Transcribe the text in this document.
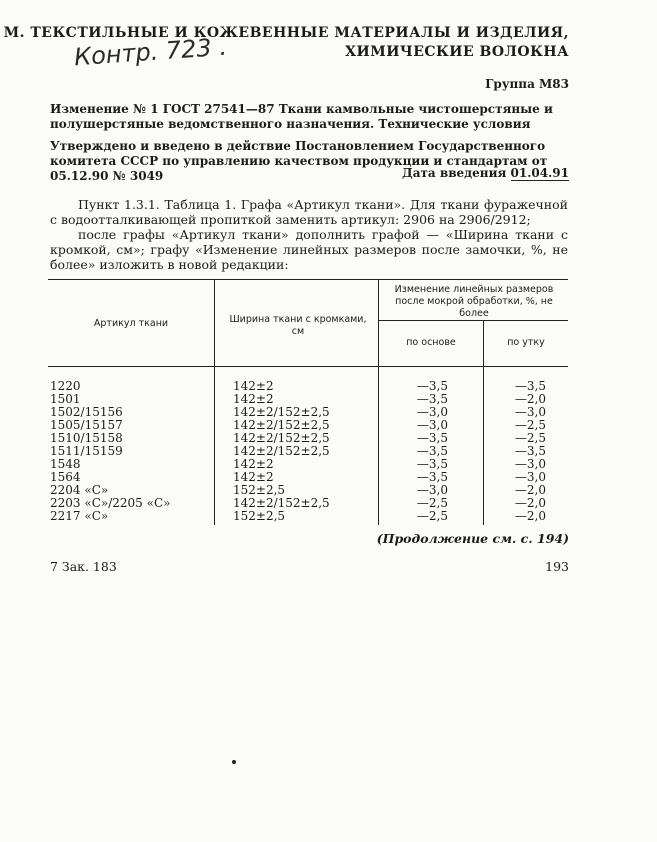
М. ТЕКСТИЛЬНЫЕ И КОЖЕВЕННЫЕ МАТЕРИАЛЫ И ИЗДЕЛИЯ,
ХИМИЧЕСКИЕ ВОЛОКНА
Контр. 723 .
Группа М83
Изменение № 1 ГОСТ 27541—87 Ткани камвольные чистошерстяные и полушерстяные ведомственного назначения. Технические условия
Утверждено и введено в действие Постановлением Государственного комитета СССР по управлению качеством продукции и стандартам от 05.12.90 № 3049	Дата введения 01.04.91

Пункт 1.3.1. Таблица 1. Графа «Артикул ткани». Для ткани фуражечной с водоотталкивающей пропиткой заменить артикул: 2906 на 2906/2912;

после графы «Артикул ткани» дополнить графой — «Ширина ткани с кромкой, см»; графу «Изменение линейных размеров после замочки, %, не более» изложить в новой редакции:

Артикул ткани	Ширина ткани с кромками, см
Изменение линейных размеров после мокрой обработки, %, не более
по основе	по утку
1220	142±2	—3,5	—3,5
1501	142±2	—3,5	—2,0
1502/15156	142±2/152±2,5	—3,0	—3,0
1505/15157	142±2/152±2,5	—3,0	—2,5
1510/15158	142±2/152±2,5	—3,5	—2,5
1511/15159	142±2/152±2,5	—3,5	—3,5
1548	142±2	—3,5	—3,0
1564	142±2	—3,5	—3,0
2204 «С»	152±2,5	—3,0	—2,0
2203 «С»/2205 «С»	142±2/152±2,5	—2,5	—2,0
2217 «С»	152±2,5	—2,5	—2,0
(Продолжение см. с. 194)
7 Зак. 183	193
